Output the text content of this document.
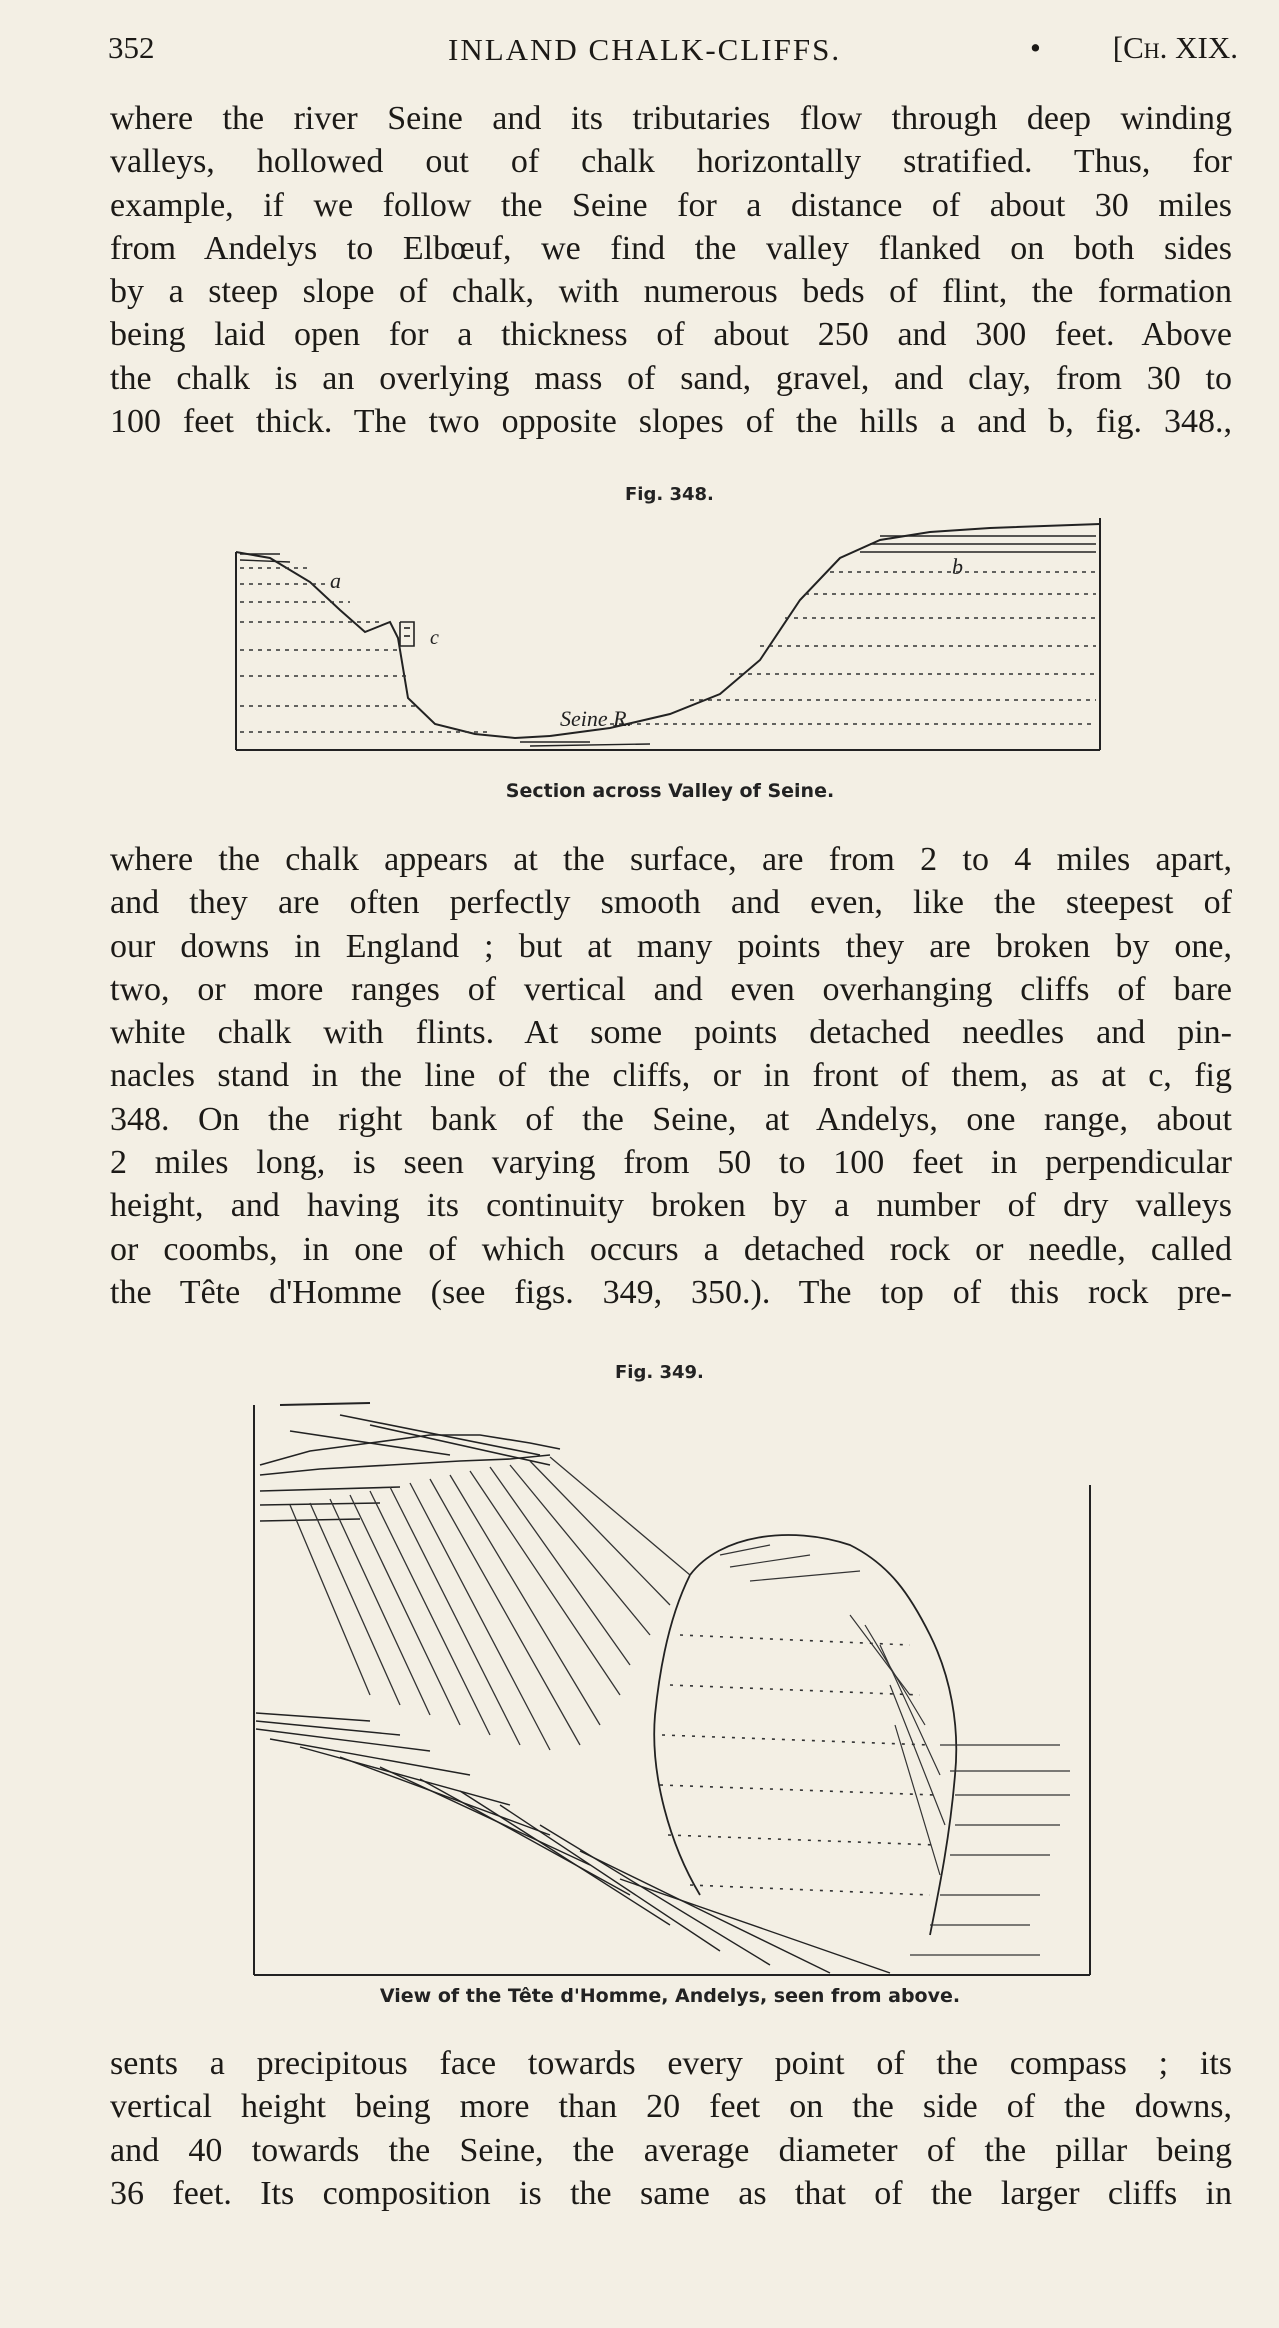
352	INLAND CHALK-CLIFFS.	• [Ch. XIX.

where the river Seine and its tributaries flow through deep winding
valleys, hollowed out of chalk horizontally stratified. Thus, for
example, if we follow the Seine for a distance of about 30 miles
from Andelys to Elbœuf, we find the valley flanked on both sides
by a steep slope of chalk, with numerous beds of flint, the formation
being laid open for a thickness of about 250 and 300 feet. Above
the chalk is an overlying mass of sand, gravel, and clay, from 30 to
100 feet thick. The two opposite slopes of the hills a and b, fig. 348.,

Fig. 348.
a
b
c
Seine R.
Section across Valley of Seine.

where the chalk appears at the surface, are from 2 to 4 miles apart,
and they are often perfectly smooth and even, like the steepest of
our downs in England ; but at many points they are broken by one,
two, or more ranges of vertical and even overhanging cliffs of bare
white chalk with flints. At some points detached needles and pin-
nacles stand in the line of the cliffs, or in front of them, as at c, fig
348. On the right bank of the Seine, at Andelys, one range, about
2 miles long, is seen varying from 50 to 100 feet in perpendicular
height, and having its continuity broken by a number of dry valleys
or coombs, in one of which occurs a detached rock or needle, called
the Tête d'Homme (see figs. 349, 350.). The top of this rock pre-

Fig. 349.
View of the Tête d'Homme, Andelys, seen from above.

sents a precipitous face towards every point of the compass ; its
vertical height being more than 20 feet on the side of the downs,
and 40 towards the Seine, the average diameter of the pillar being
36 feet. Its composition is the same as that of the larger cliffs in
